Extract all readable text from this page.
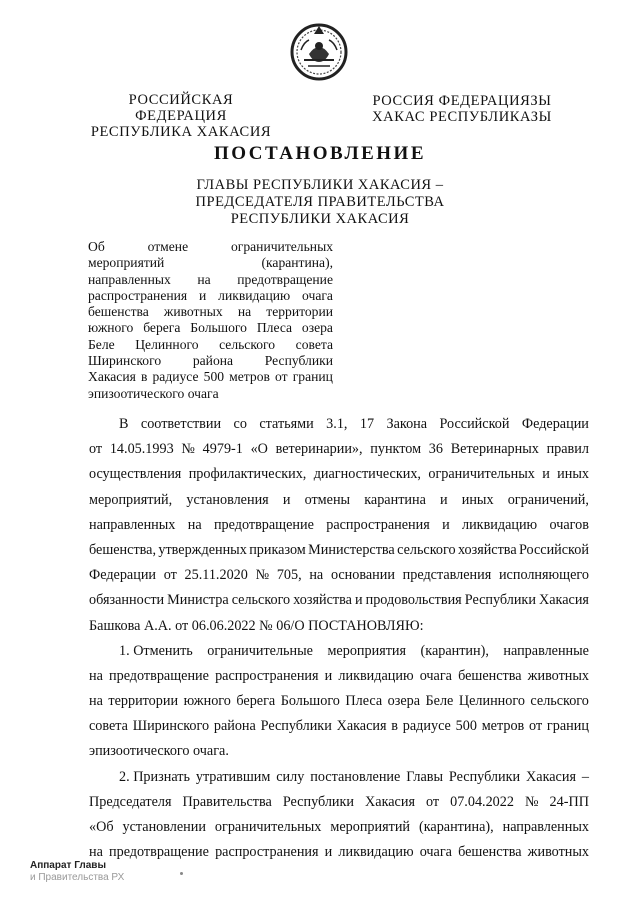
РОССИЙСКАЯ ФЕДЕРАЦИЯ
РЕСПУБЛИКА ХАКАСИЯ
РОССИЯ ФЕДЕРАЦИЯЗЫ
ХАКАС РЕСПУБЛИКАЗЫ
ПОСТАНОВЛЕНИЕ
ГЛАВЫ РЕСПУБЛИКИ ХАКАСИЯ –
ПРЕДСЕДАТЕЛЯ ПРАВИТЕЛЬСТВА
РЕСПУБЛИКИ ХАКАСИЯ
Об	отмене	ограничительных
мероприятий	(карантина),
направленных на предотвращение
распространения и ликвидацию очага
бешенства животных на территории
южного берега Большого Плеса озера
Беле Целинного сельского совета
Ширинского района Республики
Хакасия в радиусе 500 метров от границ
эпизоотического очага
В соответствии со статьями 3.1, 17 Закона Российской Федерации
от 14.05.1993 № 4979-1 «О ветеринарии», пунктом 36 Ветеринарных правил
осуществления профилактических, диагностических, ограничительных и иных
мероприятий, установления и отмены карантина и иных ограничений,
направленных на предотвращение распространения и ликвидацию очагов
бешенства, утвержденных приказом Министерства сельского хозяйства Российской
Федерации от 25.11.2020 № 705, на основании представления исполняющего
обязанности Министра сельского хозяйства и продовольствия Республики Хакасия
Башкова А.А. от 06.06.2022 № 06/О ПОСТАНОВЛЯЮ:
1. Отменить ограничительные мероприятия (карантин), направленные
на предотвращение распространения и ликвидацию очага бешенства животных
на территории южного берега Большого Плеса озера Беле Целинного сельского
совета Ширинского района Республики Хакасия в радиусе 500 метров от границ
эпизоотического очага.
2. Признать утратившим силу постановление Главы Республики Хакасия –
Председателя Правительства Республики Хакасия от 07.04.2022 № 24-ПП
«Об установлении ограничительных мероприятий (карантина), направленных
на предотвращение распространения и ликвидацию очага бешенства животных
Аппарат Главы
и Правительства РХ
